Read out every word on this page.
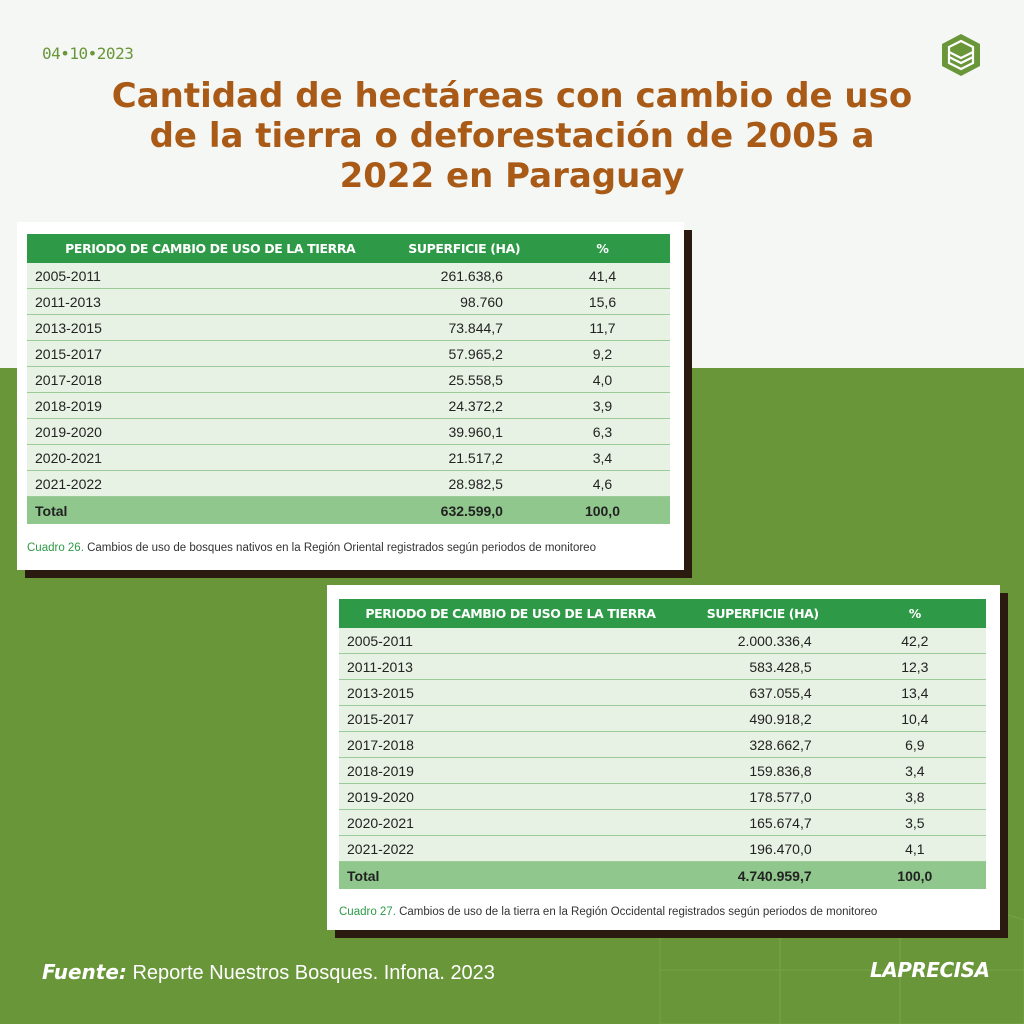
04•10•2023
Cantidad de hectáreas con cambio de uso de la tierra o deforestación de 2005 a 2022 en Paraguay
PERIODO DE CAMBIO DE USO DE LA TIERRA	SUPERFICIE (HA)	%
2005-2011	261.638,6	41,4
2011-2013	98.760	15,6
2013-2015	73.844,7	11,7
2015-2017	57.965,2	9,2
2017-2018	25.558,5	4,0
2018-2019	24.372,2	3,9
2019-2020	39.960,1	6,3
2020-2021	21.517,2	3,4
2021-2022	28.982,5	4,6
Total	632.599,0	100,0
Cuadro 26. Cambios de uso de bosques nativos en la Región Oriental registrados según periodos de monitoreo
PERIODO DE CAMBIO DE USO DE LA TIERRA	SUPERFICIE (HA)	%
2005-2011	2.000.336,4	42,2
2011-2013	583.428,5	12,3
2013-2015	637.055,4	13,4
2015-2017	490.918,2	10,4
2017-2018	328.662,7	6,9
2018-2019	159.836,8	3,4
2019-2020	178.577,0	3,8
2020-2021	165.674,7	3,5
2021-2022	196.470,0	4,1
Total	4.740.959,7	100,0
Cuadro 27. Cambios de uso de la tierra en la Región Occidental registrados según periodos de monitoreo
Fuente: Reporte Nuestros Bosques. Infona. 2023	LAPRECISA
